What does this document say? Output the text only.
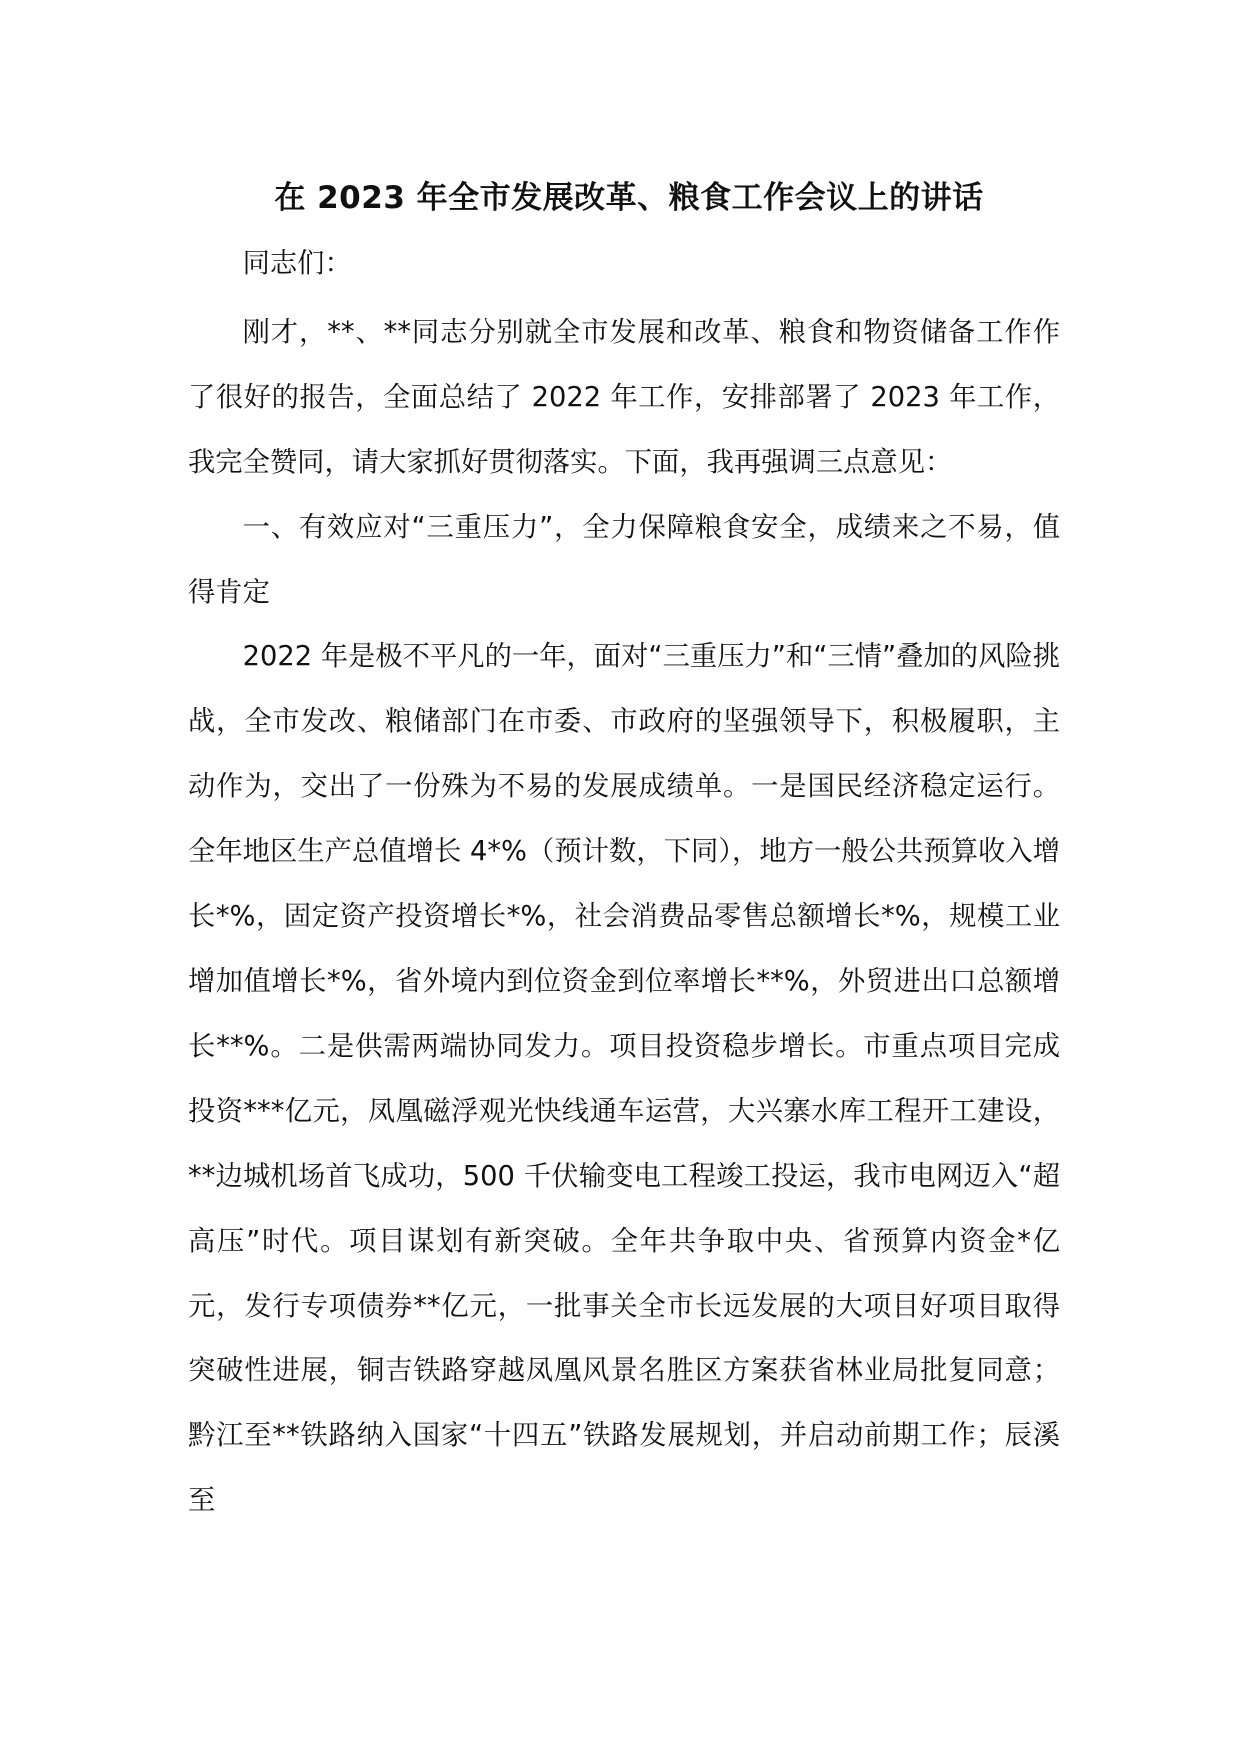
在 2023 年全市发展改革、粮食工作会议上的讲话

同志们：

刚才，**、**同志分别就全市发展和改革、粮食和物资储备工作作了很好的报告，全面总结了 2022 年工作，安排部署了 2023 年工作，我完全赞同，请大家抓好贯彻落实。下面，我再强调三点意见：

一、有效应对“三重压力”，全力保障粮食安全，成绩来之不易，值得肯定

2022 年是极不平凡的一年，面对“三重压力”和“三情”叠加的风险挑战，全市发改、粮储部门在市委、市政府的坚强领导下，积极履职，主动作为，交出了一份殊为不易的发展成绩单。一是国民经济稳定运行。全年地区生产总值增长 4*%（预计数，下同），地方一般公共预算收入增长*%，固定资产投资增长*%，社会消费品零售总额增长*%，规模工业增加值增长*%，省外境内到位资金到位率增长**%，外贸进出口总额增长**%。二是供需两端协同发力。项目投资稳步增长。市重点项目完成投资***亿元，凤凰磁浮观光快线通车运营，大兴寨水库工程开工建设，**边城机场首飞成功，500 千伏输变电工程竣工投运，我市电网迈入“超高压”时代。项目谋划有新突破。全年共争取中央、省预算内资金*亿元，发行专项债券**亿元，一批事关全市长远发展的大项目好项目取得突破性进展，铜吉铁路穿越凤凰风景名胜区方案获省林业局批复同意；黔江至**铁路纳入国家“十四五”铁路发展规划，并启动前期工作；辰溪至
